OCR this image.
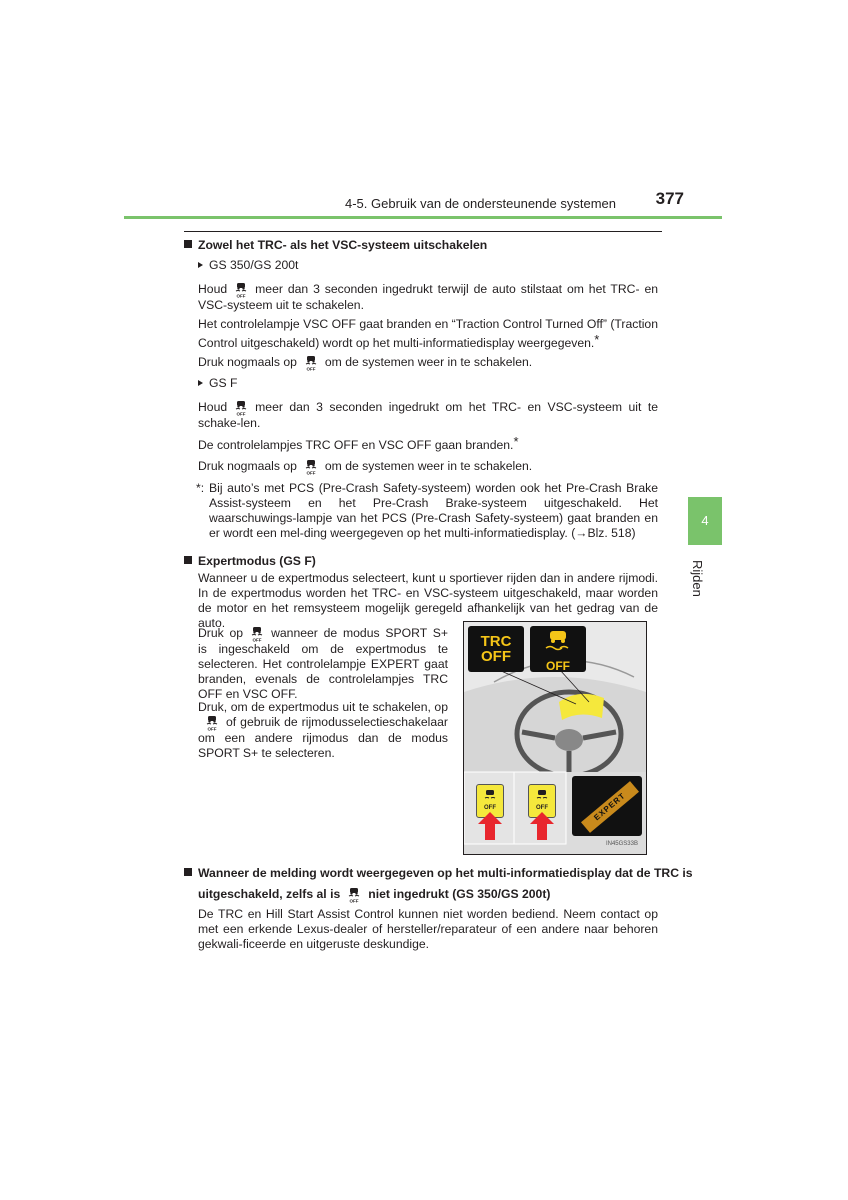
4-5. Gebruik van de ondersteunende systemen 377
4
Rijden
Zowel het TRC- als het VSC-systeem uitschakelen
GS 350/GS 200t
Houd OFF meer dan 3 seconden ingedrukt terwijl de auto stilstaat om het TRC- en VSC-systeem uit te schakelen.
Het controlelampje VSC OFF gaat branden en “Traction Control Turned Off” (Traction Control uitgeschakeld) wordt op het multi-informatiedisplay weergegeven.*
Druk nogmaals op OFF om de systemen weer in te schakelen.
GS F
Houd OFF meer dan 3 seconden ingedrukt om het TRC- en VSC-systeem uit te schake-len.
De controlelampjes TRC OFF en VSC OFF gaan branden.*
Druk nogmaals op OFF om de systemen weer in te schakelen.
*: Bij auto’s met PCS (Pre-Crash Safety-systeem) worden ook het Pre-Crash Brake Assist-systeem en het Pre-Crash Brake-systeem uitgeschakeld. Het waarschuwings-lampje van het PCS (Pre-Crash Safety-systeem) gaat branden en er wordt een mel-ding weergegeven op het multi-informatiedisplay. (→Blz. 518)
Expertmodus (GS F)
Wanneer u de expertmodus selecteert, kunt u sportiever rijden dan in andere rijmodi. In de expertmodus worden het TRC- en VSC-systeem uitgeschakeld, maar worden de motor en het remsysteem mogelijk geregeld afhankelijk van het gedrag van de auto.
Druk op OFF wanneer de modus SPORT S+ is ingeschakeld om de expertmodus te selecteren. Het controlelampje EXPERT gaat branden, evenals de controlelampjes TRC OFF en VSC OFF.
Druk, om de expertmodus uit te schakelen, op
OFF of gebruik de rijmodusselectieschakelaar om een andere rijmodus dan de modus SPORT S+ te selecteren.
TRC
OFF
OFF
OFF	OFF	EXPERT
IN45GS33B
Wanneer de melding wordt weergegeven op het multi-informatiedisplay dat de TRC is
uitgeschakeld, zelfs al is OFF niet ingedrukt (GS 350/GS 200t)
De TRC en Hill Start Assist Control kunnen niet worden bediend. Neem contact op met een erkende Lexus-dealer of hersteller/reparateur of een andere naar behoren gekwali-ficeerde en uitgeruste deskundige.
